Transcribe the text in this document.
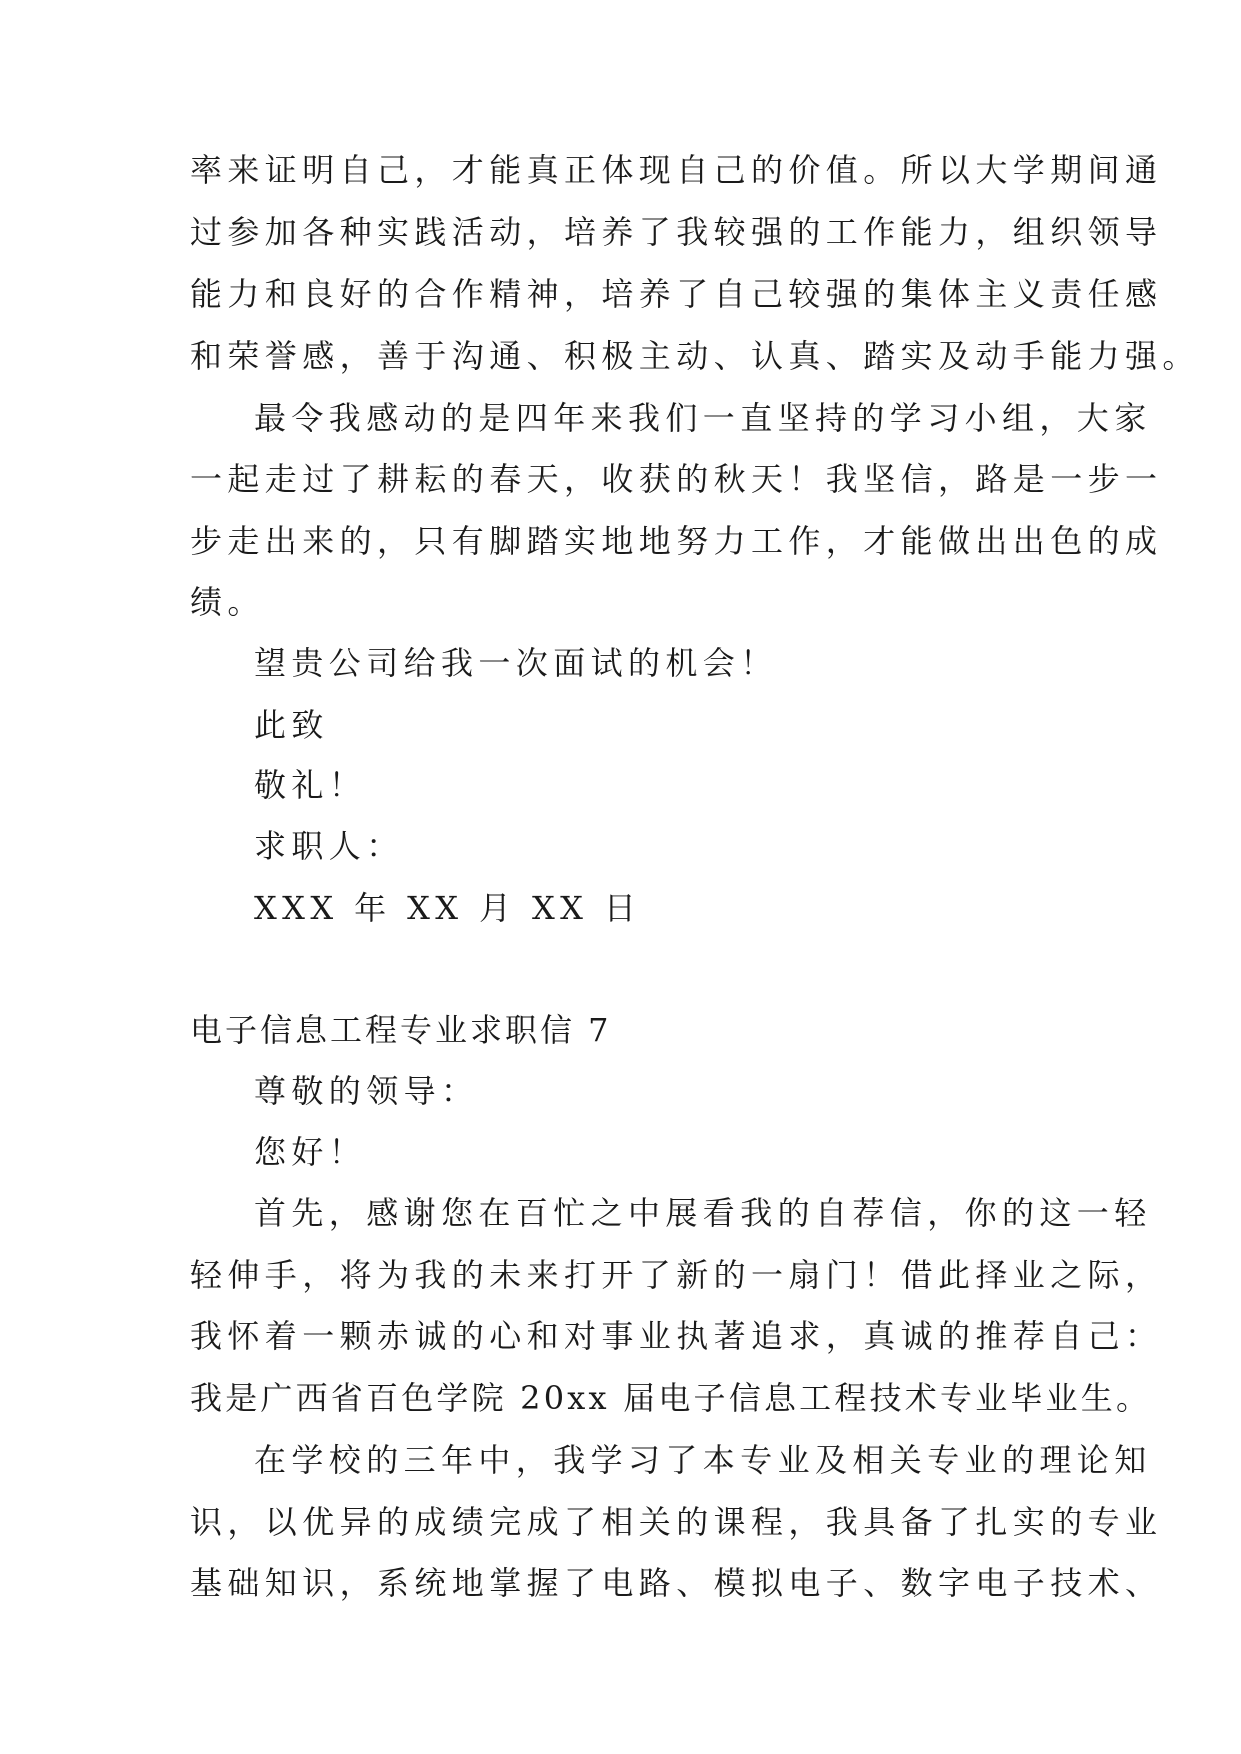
率来证明自己，才能真正体现自己的价值。所以大学期间通
过参加各种实践活动，培养了我较强的工作能力，组织领导
能力和良好的合作精神，培养了自己较强的集体主义责任感
和荣誉感，善于沟通、积极主动、认真、踏实及动手能力强。
最令我感动的是四年来我们一直坚持的学习小组，大家
一起走过了耕耘的春天，收获的秋天！我坚信，路是一步一
步走出来的，只有脚踏实地地努力工作，才能做出出色的成
绩。
望贵公司给我一次面试的机会！
此致
敬礼！
求职人：
XXX 年 XX 月 XX 日
电子信息工程专业求职信 7
尊敬的领导：
您好！
首先，感谢您在百忙之中展看我的自荐信，你的这一轻
轻伸手，将为我的未来打开了新的一扇门！借此择业之际，
我怀着一颗赤诚的心和对事业执著追求，真诚的推荐自己：
我是广西省百色学院 20xx 届电子信息工程技术专业毕业生。
在学校的三年中，我学习了本专业及相关专业的理论知
识，以优异的成绩完成了相关的课程，我具备了扎实的专业
基础知识，系统地掌握了电路、模拟电子、数字电子技术、
